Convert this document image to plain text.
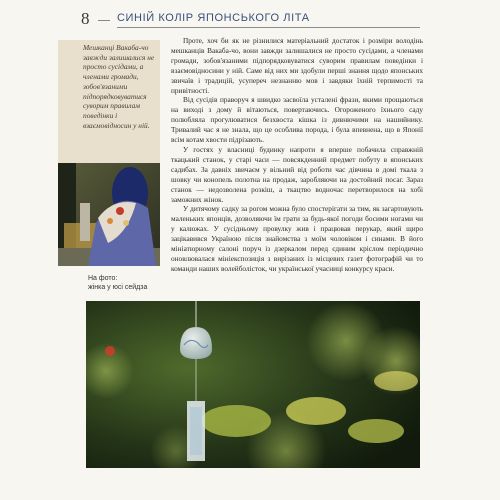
8	СИНІЙ КОЛІР ЯПОНСЬКОГО ЛІТА
Мешканці Вакаба-чо завжди залишалися не просто сусідами, а членами громади, зобов'язаними підпорядковуватися суворим правилам поведінки і взаємовідносин у ній.
На фото:
жінка у юсі сейдза

Проте, хоч би як не різнилися матеріальний достаток і розміри володінь мешканців Вакаба-чо, вони завжди залишалися не просто сусідами, а членами громади, зобов'язаними підпорядковуватися суворим правилам поведінки і взаємовідносини у ній. Саме від них ми здобули перші знання щодо японських звичаїв і традицій, усупереч незнанню мов і завдяки їхній терпимості та привітності.

Від сусідів праворуч я швидко засвоїла усталені фрази, якими прощаються на виході з дому й вітаються, повертаючись. Огороженого їхнього саду полюбляла прогулюватися безхвоста кішка із дивнючими на нашийнику. Тривалий час я не знала, що це особлива порода, і була впевнена, що в Японії всім котам хвости підрізають.

У гостях у власниці будинку напроти я вперше побачила справжній ткацький станок, у старі часи — повсякденний предмет побуту в японських садибах. За давніх звичаєм у вільний від роботи час дівчина в домі ткала з шовку чи конопель полотна на продаж, заробляючи на достойний посаг. Зараз станок — недозволена розкіш, а ткацтво водночас перетворилося на хобі заможних жінок.

У дитячому садку за рогом можна було спостерігати за тим, як загартовують маленьких японців, дозволяючи їм грати за будь-якої погоди босими ногами чи у калюжах. У сусідньому провулку жив і працював перукар, який щиро зацікавився Україною після знайомства з моїм чоловіком і синами. В його мініатюрному салоні поруч із дзеркалом перед єдиним кріслом періодично оновлювалася мініекспозиція з вирізаних із місцевих газет фотографій чи то команди наших волейболісток, чи української учасниці конкурсу краси.
